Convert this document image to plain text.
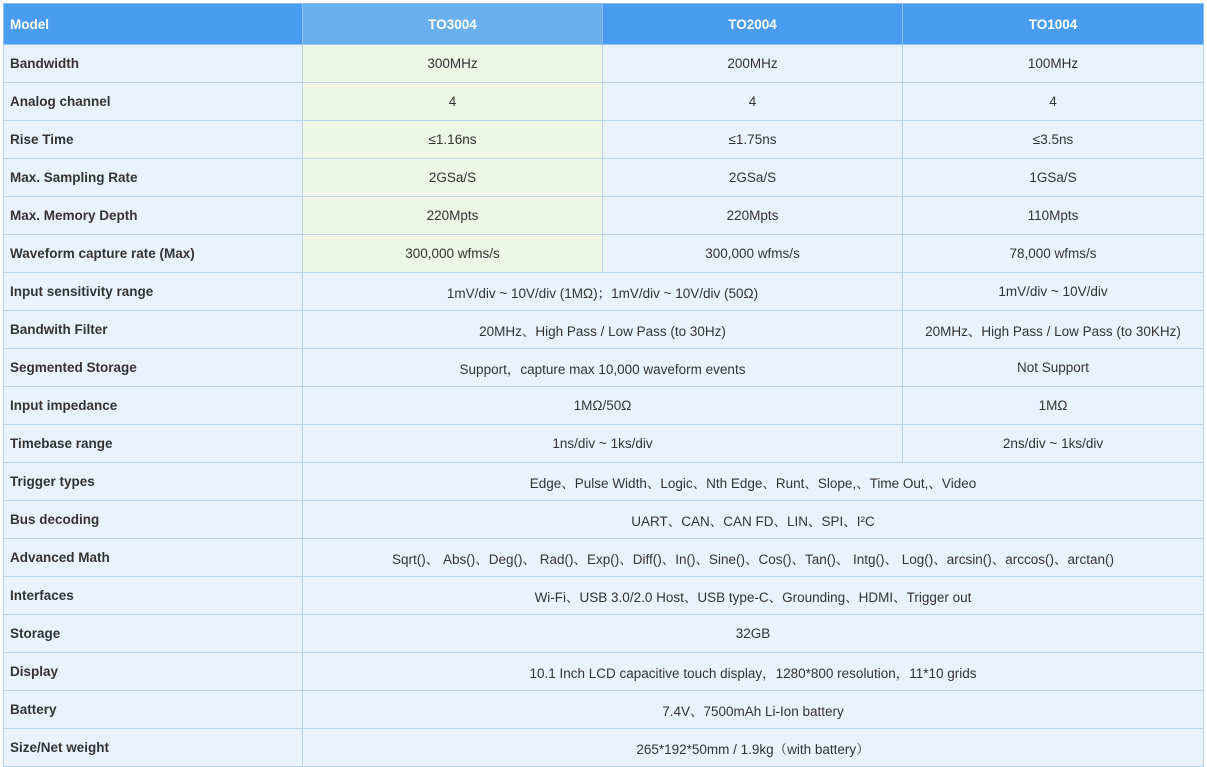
Model	TO3004	TO2004	TO1004
Bandwidth	300MHz	200MHz	100MHz
Analog channel	4	4	4
Rise Time	≤1.16ns	≤1.75ns	≤3.5ns
Max. Sampling Rate	2GSa/S	2GSa/S	1GSa/S
Max. Memory Depth	220Mpts	220Mpts	110Mpts
Waveform capture rate (Max)	300,000 wfms/s	300,000 wfms/s	78,000 wfms/s
Input sensitivity range	1mV/div ~ 10V/div (1MΩ)；1mV/div ~ 10V/div (50Ω)		1mV/div ~ 10V/div
Bandwith Filter	20MHz、High Pass / Low Pass (to 30Hz)		20MHz、High Pass / Low Pass (to 30KHz)
Segmented Storage	Support，capture max 10,000 waveform events		Not Support
Input impedance	1MΩ/50Ω		1MΩ
Timebase range	1ns/div ~ 1ks/div		2ns/div ~ 1ks/div
Trigger types	Edge、Pulse Width、Logic、Nth Edge、Runt、Slope,、Time Out,、Video		
Bus decoding	UART、CAN、CAN FD、LIN、SPI、I²C		
Advanced Math	Sqrt()、 Abs()、Deg()、 Rad()、Exp()、Diff()、In()、Sine()、Cos()、Tan()、 Intg()、 Log()、arcsin()、arccos()、arctan()		
Interfaces	Wi-Fi、USB 3.0/2.0 Host、USB type-C、Grounding、HDMI、Trigger out		
Storage	32GB		
Display	10.1 Inch LCD capacitive touch display，1280*800 resolution，11*10 grids		
Battery	7.4V、7500mAh Li-Ion battery		
Size/Net weight	265*192*50mm / 1.9kg（with battery）		
